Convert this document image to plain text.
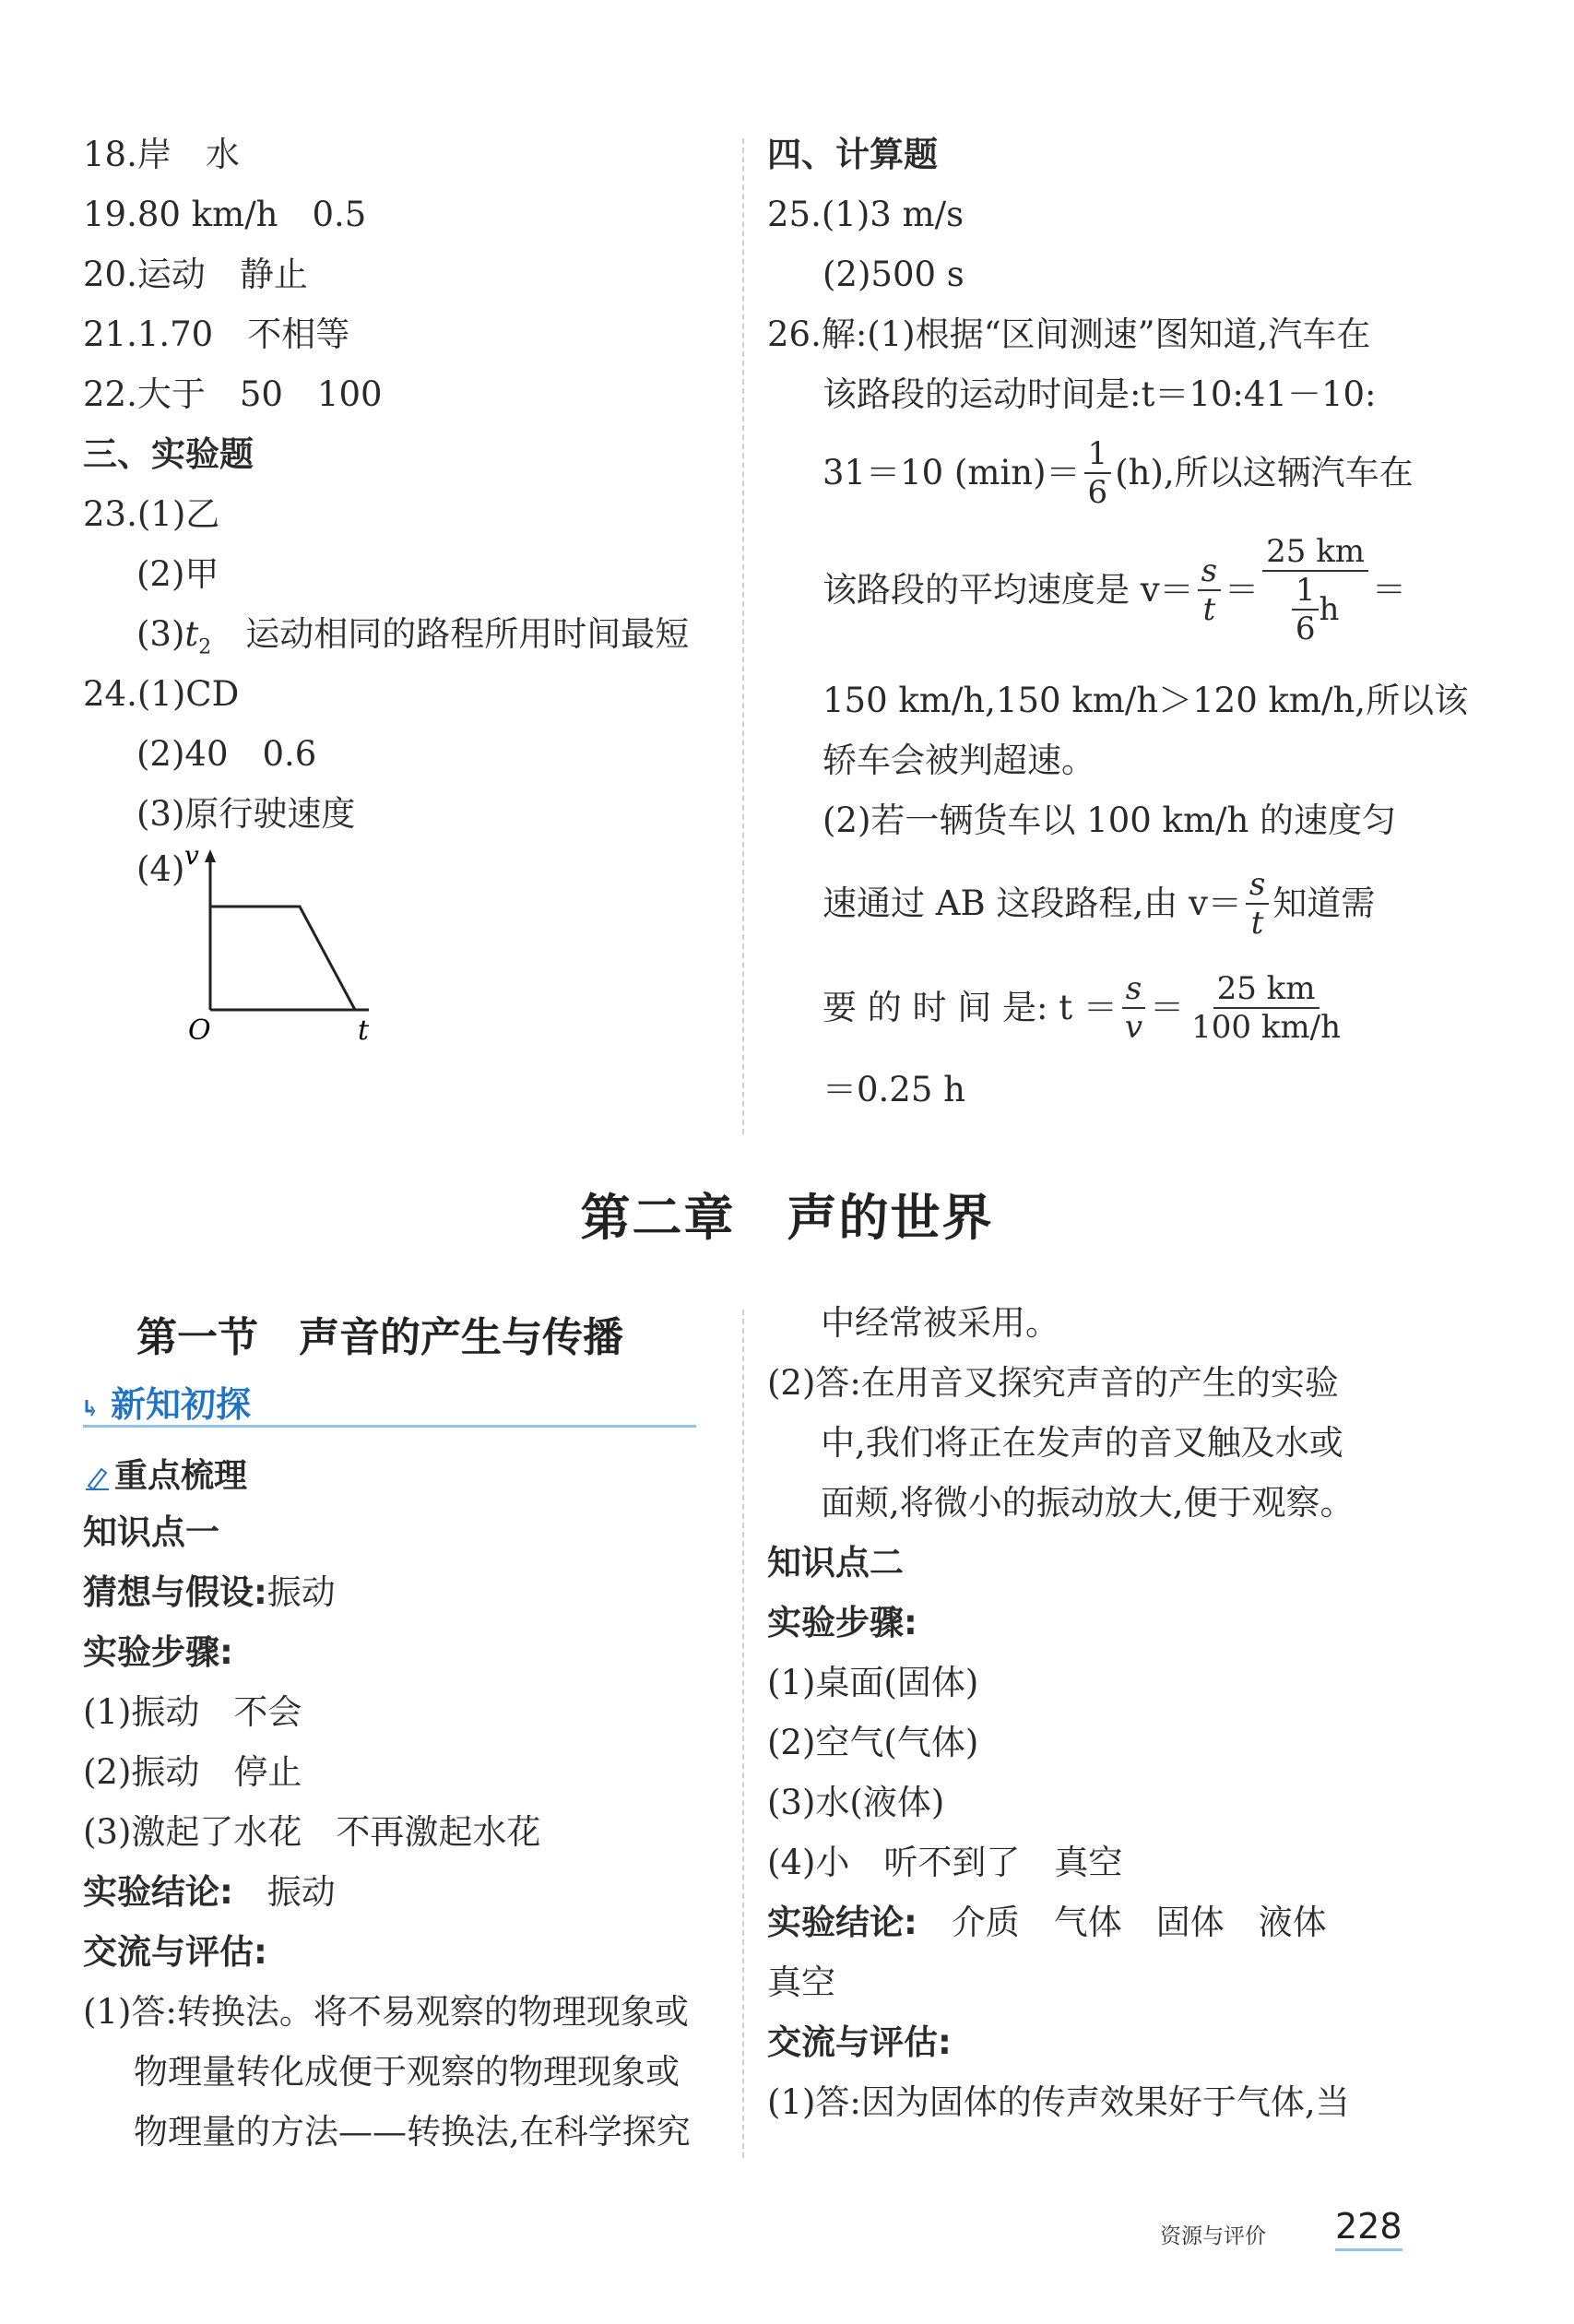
18.岸　水
19.80 km/h　0.5
20.运动　静止
21.1.70　不相等
22.大于　50　100
三、实验题
23.(1)乙
(2)甲
$(3)t_2$　运动相同的路程所用时间最短
24.(1)CD
(2)40　0.6
(3)原行驶速度
(4) v
O	t
四、计算题
25.(1)3 m/s
(2)500 s
26.解:(1)根据“区间测速”图知道,汽车在
该路段的运动时间是:t＝10:41－10:
31＝10 $(\min)= \frac{1}{6} (h)$,所以这辆汽车在
该路段的平均速度是 $v= \frac{s}{t} = \frac{25 km}{\frac{1}{6} h}$ ＝
150 km/h,150 km/h＞120 km/h,所以该
轿车会被判超速。
(2)若一辆货车以 100 km/h 的速度匀
速通过 AB 这段路程,由 $v= \frac{s}{t}$ 知道需
要 的 时 间 是: $t = \frac{s}{v} = \frac{25 km}{100 km/h}$
＝0.25 h
第二章　声的世界
第一节　声音的产生与传播
新知初探
重点梳理
知识点一
猜想与假设:振动
实验步骤:
(1)振动　不会
(2)振动　停止
(3)激起了水花　不再激起水花
实验结论:　振动
交流与评估:
(1)答:转换法。将不易观察的物理现象或
物理量转化成便于观察的物理现象或
物理量的方法——转换法,在科学探究
中经常被采用。
(2)答:在用音叉探究声音的产生的实验
中,我们将正在发声的音叉触及水或
面颊,将微小的振动放大,便于观察。
知识点二
实验步骤:
(1)桌面(固体)
(2)空气(气体)
(3)水(液体)
(4)小　听不到了　真空
实验结论:　介质　气体　固体　液体
真空
交流与评估:
(1)答:因为固体的传声效果好于气体,当
资源与评价 228
